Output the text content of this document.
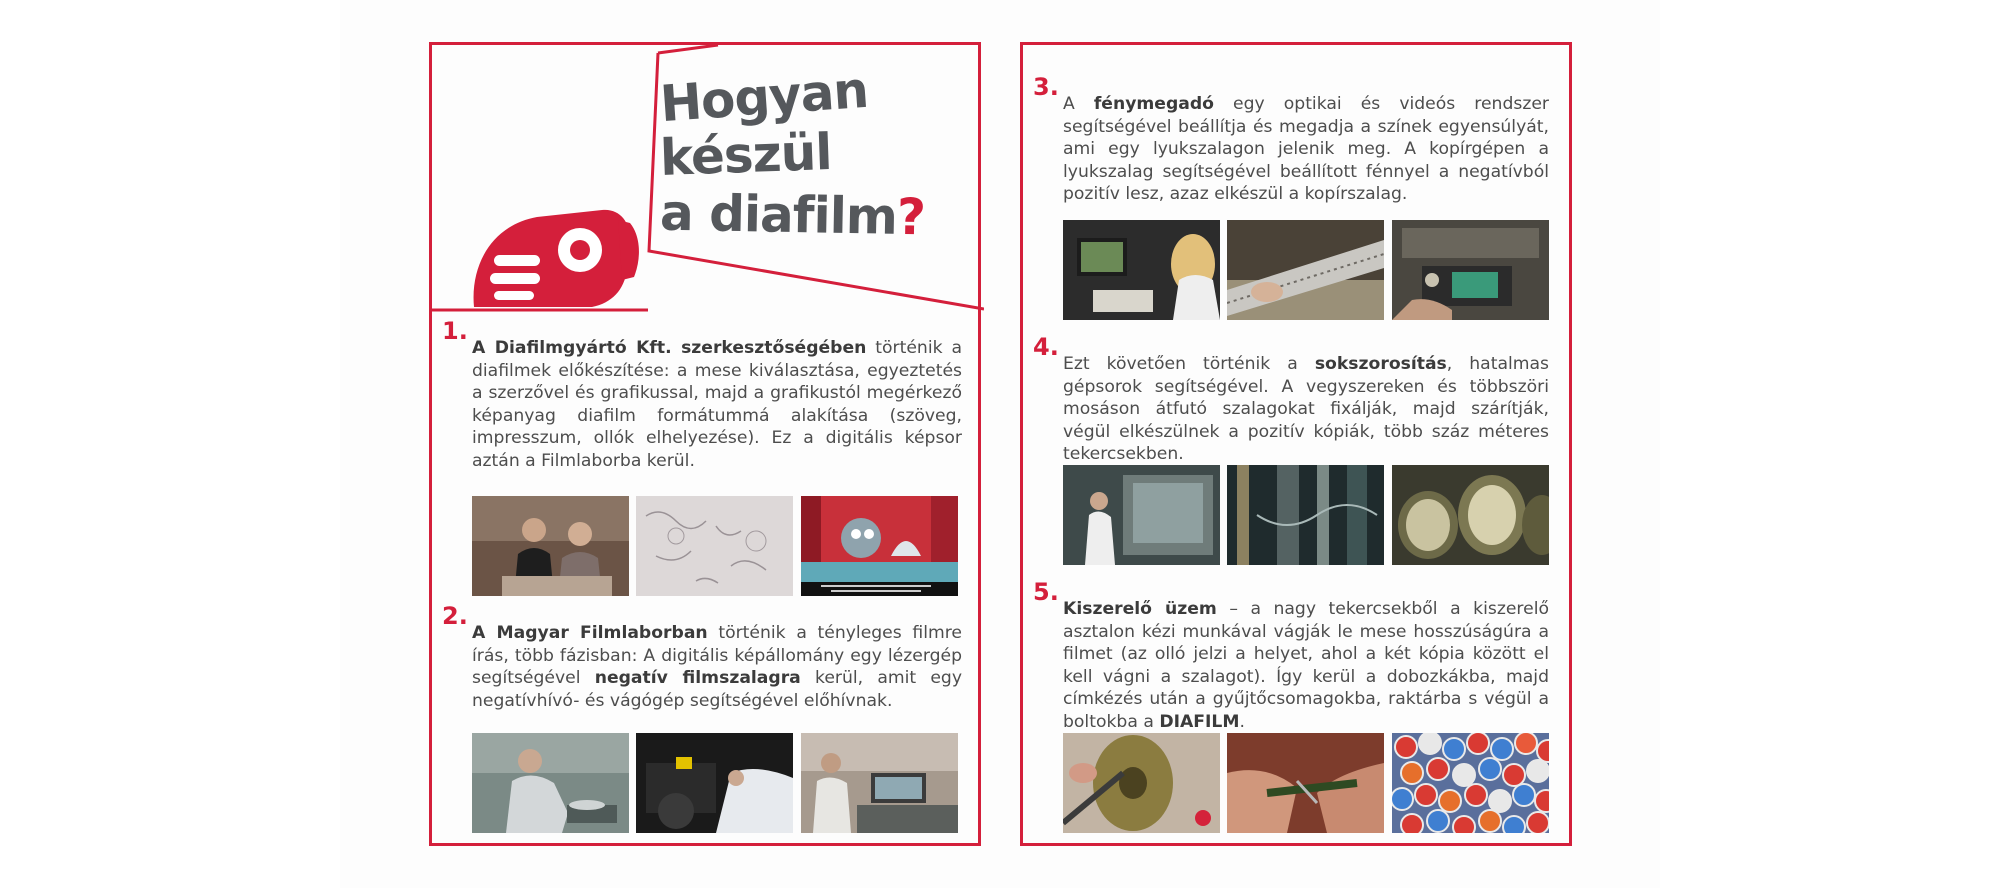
Hogyan
készül
a diafilm?
1.
A Diafilmgyártó Kft. szerkesztőségében történik a diafilmek előkészítése: a mese kiválasztása, egyeztetés a szerzővel és grafikussal, majd a grafikustól megérkező képanyag diafilm formátummá alakítása (szöveg, impresszum, ollók elhelyezése). Ez a digitális képsor aztán a Filmlaborba kerül.
2.
A Magyar Filmlaborban történik a tényleges filmre írás, több fázisban: A digitális képállomány egy lézergép segítségével negatív filmszalagra kerül, amit egy negatívhívó- és vágógép segítségével előhívnak.
3.
A fénymegadó egy optikai és videós rendszer segítségével beállítja és megadja a színek egyensúlyát, ami egy lyukszalagon jelenik meg. A kopírgépen a lyukszalag segítségével beállított fénnyel a negatívból pozitív lesz, azaz elkészül a kopírszalag.
4.
Ezt követően történik a sokszorosítás, hatalmas gépsorok segítségével. A vegyszereken és többszöri mosáson átfutó szalagokat fixálják, majd szárítják, végül elkészülnek a pozitív kópiák, több száz méteres tekercsekben.
5.
Kiszerelő üzem – a nagy tekercsekből a kiszerelő asztalon kézi munkával vágják le mese hosszúságúra a filmet (az olló jelzi a helyet, ahol a két kópia között el kell vágni a szalagot). Így kerül a dobozkákba, majd címkézés után a gyűjtőcsomagokba, raktárba s végül a boltokba a DIAFILM.
